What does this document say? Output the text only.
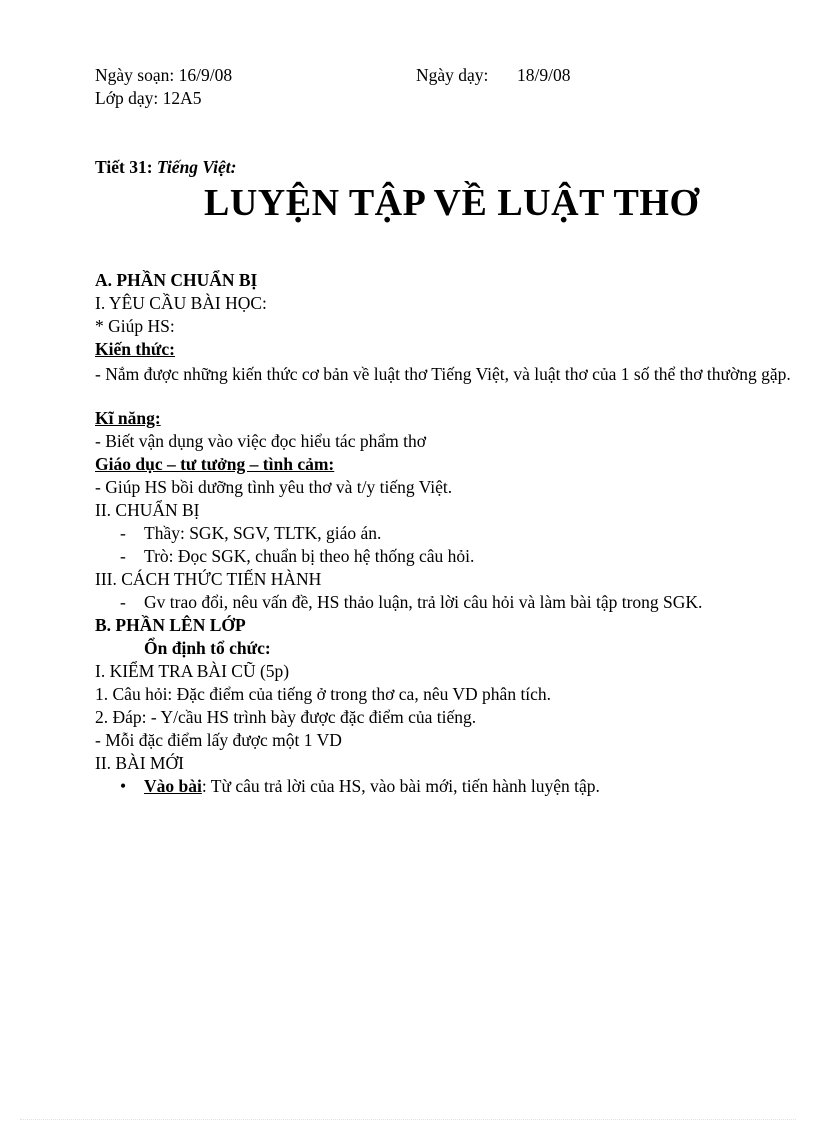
Ngày soạn: 16/9/08	Ngày dạy: 18/9/08
Lớp dạy: 12A5
Tiết 31: Tiếng Việt:
LUYỆN TẬP VỀ LUẬT THƠ
A. PHẦN CHUẨN BỊ
I. YÊU CẦU BÀI HỌC:
* Giúp HS:
Kiến thức:
- Nắm được những kiến thức cơ bản về luật thơ Tiếng Việt, và luật thơ của 1 số thể thơ thường gặp.
Kĩ năng:
- Biết vận dụng vào việc đọc hiểu tác phẩm thơ
Giáo dục – tư tưởng – tình cảm:
- Giúp HS bồi dưỡng tình yêu thơ và t/y tiếng Việt.
II. CHUẨN BỊ
- Thầy: SGK, SGV, TLTK, giáo án.
- Trò: Đọc SGK, chuẩn bị theo hệ thống câu hỏi.
III. CÁCH THỨC TIẾN HÀNH
- Gv trao đổi, nêu vấn đề, HS thảo luận, trả lời câu hỏi và làm bài tập trong SGK.
B. PHẦN LÊN LỚP
Ổn định tổ chức:
I. KIỂM TRA BÀI CŨ (5p)
1. Câu hỏi: Đặc điểm của tiếng ở trong thơ ca, nêu VD phân tích.
2. Đáp: - Y/cầu HS trình bày được đặc điểm của tiếng.
- Mỗi đặc điểm lấy được một 1 VD
II. BÀI MỚI
• Vào bài: Từ câu trả lời của HS, vào bài mới, tiến hành luyện tập.
